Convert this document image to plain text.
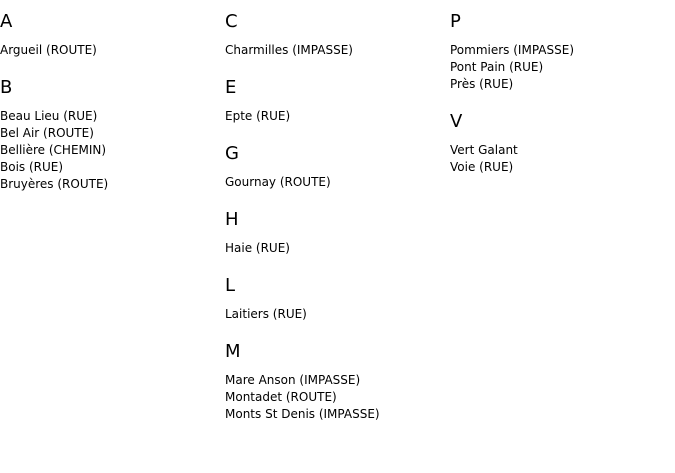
A
Argueil (ROUTE)
B
Beau Lieu (RUE)
Bel Air (ROUTE)
Bellière (CHEMIN)
Bois (RUE)
Bruyères (ROUTE)
C
Charmilles (IMPASSE)
E
Epte (RUE)
G
Gournay (ROUTE)
H
Haie (RUE)
L
Laitiers (RUE)
M
Mare Anson (IMPASSE)
Montadet (ROUTE)
Monts St Denis (IMPASSE)
P
Pommiers (IMPASSE)
Pont Pain (RUE)
Près (RUE)
V
Vert Galant
Voie (RUE)
